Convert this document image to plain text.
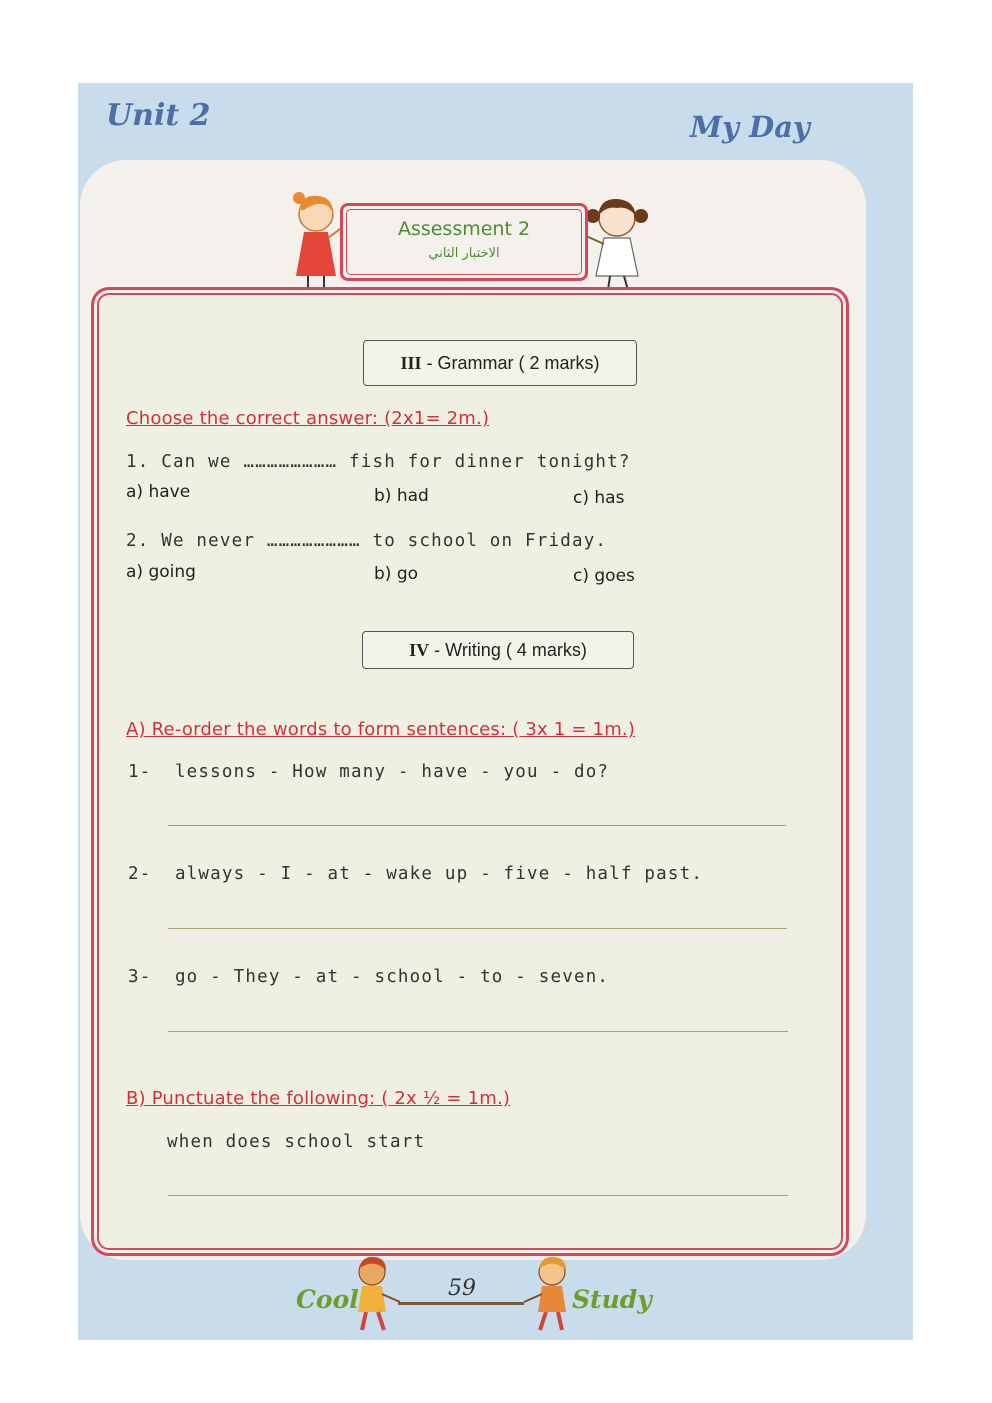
Unit 2	My Day
Assessment 2
الاختبار الثاني
III - Grammar ( 2 marks)
Choose the correct answer: (2x1= 2m.)
1. Can we …………………… fish for dinner tonight?
a) have	b) had	c) has
2. We never …………………… to school on Friday.
a) going	b) go	c) goes
IV - Writing ( 4 marks)
A) Re-order the words to form sentences: ( 3x 1 = 1m.)
1-  lessons - How many - have - you - do?
2-  always - I - at - wake up - five - half past.
3-  go - They - at - school - to - seven.
B) Punctuate the following: ( 2x ½ = 1m.)
when does school start
Cool	59	Study
